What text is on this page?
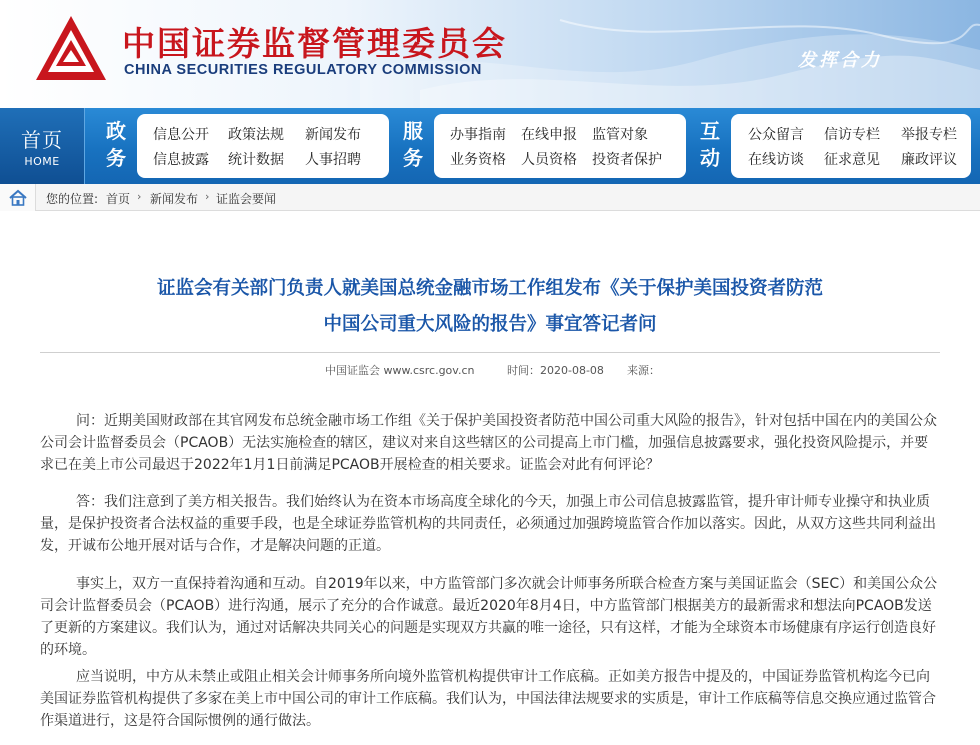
中国证券监督管理委员会
CHINA SECURITIES REGULATORY COMMISSION	发挥合力
首页
HOME
政
务
信息公开 政策法规 新闻发布
信息披露 统计数据 人事招聘
服
务
办事指南 在线申报 监管对象
业务资格 人员资格 投资者保护
互
动
公众留言 信访专栏 举报专栏
在线访谈 征求意见 廉政评议
您的位置: 首页 › 新闻发布 › 证监会要闻
证监会有关部门负责人就美国总统金融市场工作组发布《关于保护美国投资者防范
中国公司重大风险的报告》事宜答记者问
中国证监会 www.csrc.gov.cn	时间：2020-08-08 来源：

问：近期美国财政部在其官网发布总统金融市场工作组《关于保护美国投资者防范中国公司重大风险的报告》，针对包括中国在内的美国公众公司会计监督委员会（PCAOB）无法实施检查的辖区，建议对来自这些辖区的公司提高上市门槛，加强信息披露要求，强化投资风险提示，并要求已在美上市公司最迟于2022年1月1日前满足PCAOB开展检查的相关要求。证监会对此有何评论？

答：我们注意到了美方相关报告。我们始终认为在资本市场高度全球化的今天，加强上市公司信息披露监管，提升审计师专业操守和执业质量，是保护投资者合法权益的重要手段，也是全球证券监管机构的共同责任，必须通过加强跨境监管合作加以落实。因此，从双方这些共同利益出发，开诚布公地开展对话与合作，才是解决问题的正道。

事实上，双方一直保持着沟通和互动。自2019年以来，中方监管部门多次就会计师事务所联合检查方案与美国证监会（SEC）和美国公众公司会计监督委员会（PCAOB）进行沟通，展示了充分的合作诚意。最近2020年8月4日，中方监管部门根据美方的最新需求和想法向PCAOB发送了更新的方案建议。我们认为，通过对话解决共同关心的问题是实现双方共赢的唯一途径，只有这样，才能为全球资本市场健康有序运行创造良好的环境。

应当说明，中方从未禁止或阻止相关会计师事务所向境外监管机构提供审计工作底稿。正如美方报告中提及的，中国证券监管机构迄今已向美国证券监管机构提供了多家在美上市中国公司的审计工作底稿。我们认为，中国法律法规要求的实质是，审计工作底稿等信息交换应通过监管合作渠道进行，这是符合国际惯例的通行做法。
